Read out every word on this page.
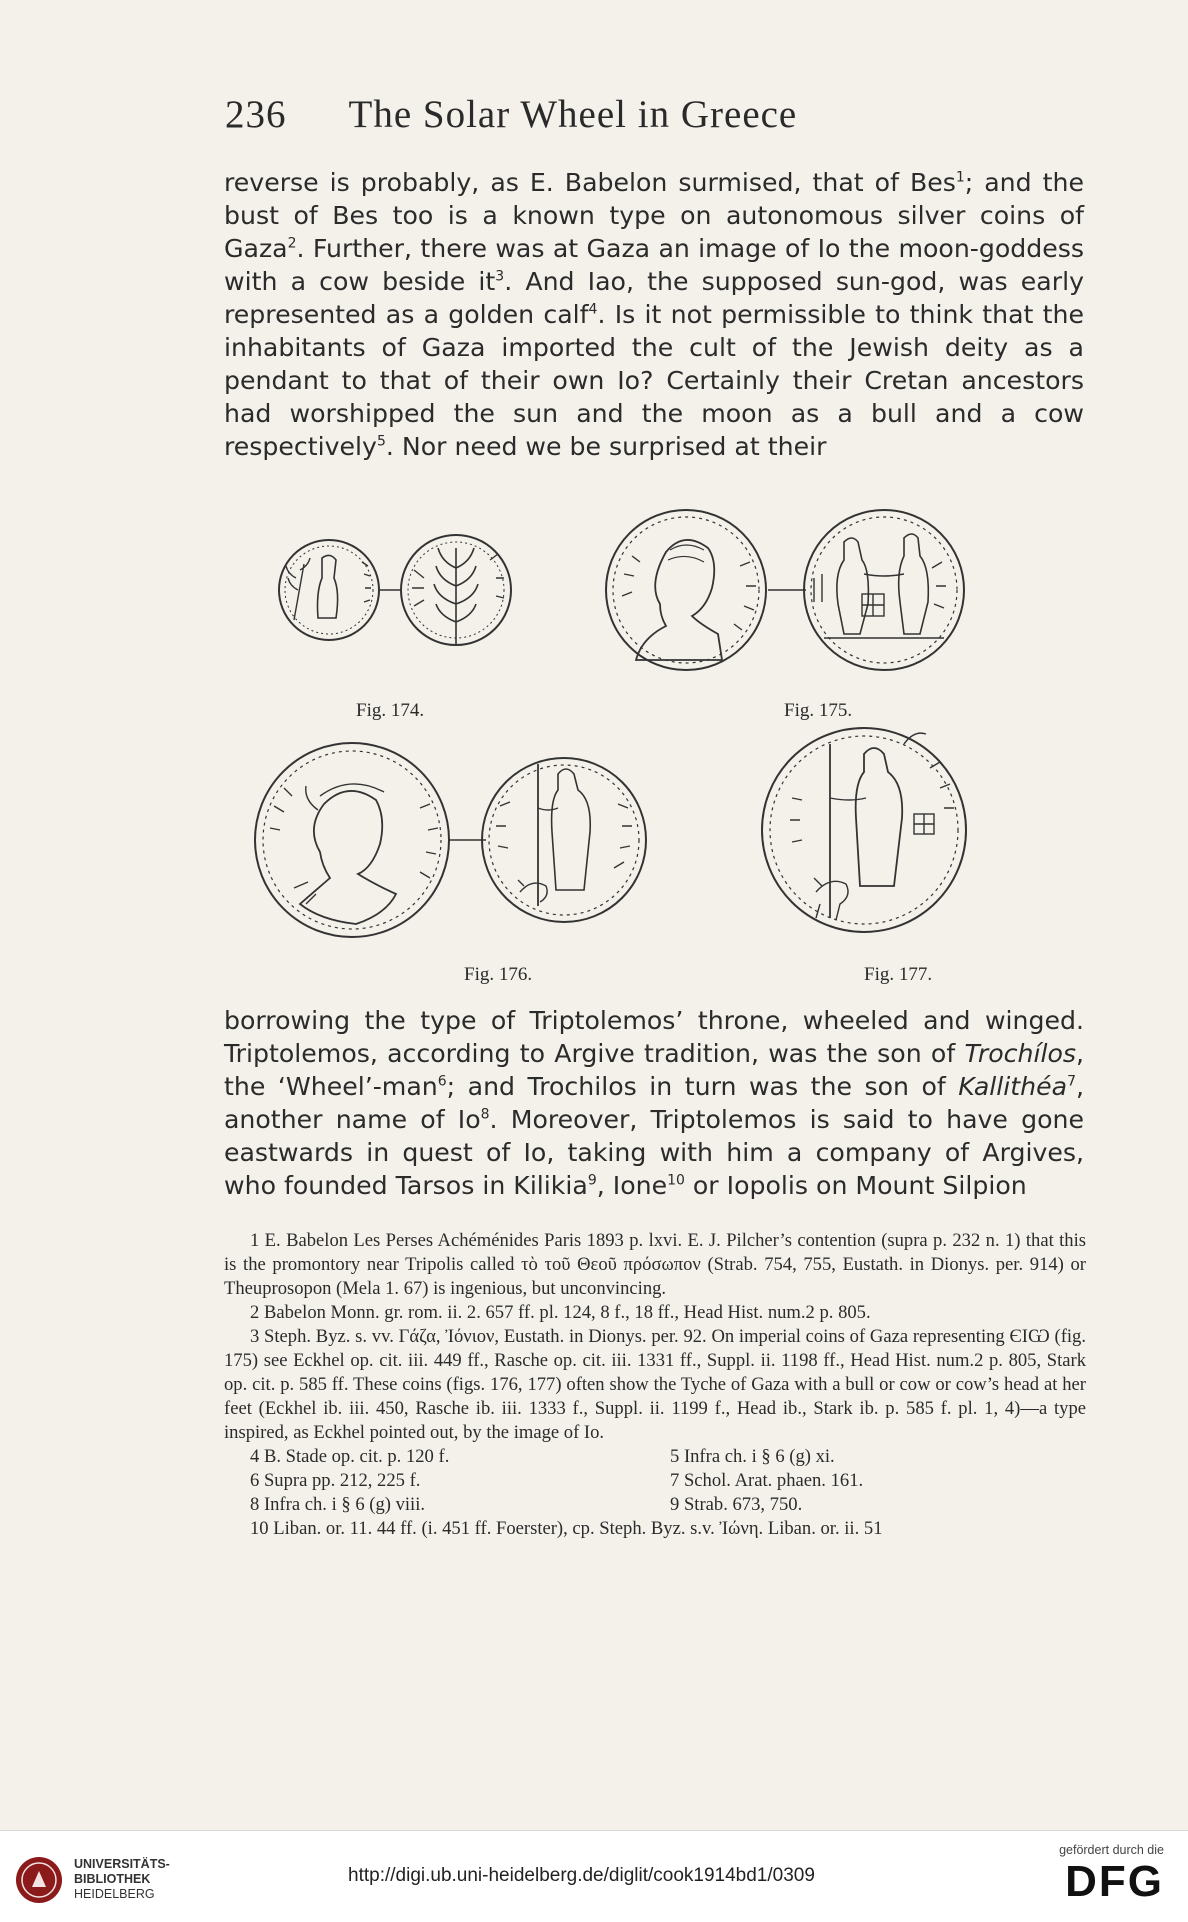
236 The Solar Wheel in Greece

reverse is probably, as E. Babelon surmised, that of Bes$^1$; and the bust of Bes too is a known type on autonomous silver coins of Gaza$^2$. Further, there was at Gaza an image of Io the moon-goddess with a cow beside $it^3$. And Iao, the supposed sun-god, was early represented as a golden calf$^4$. Is it not permissible to think that the inhabitants of Gaza imported the cult of the Jewish deity as a pendant to that of their own Io? Certainly their Cretan ancestors had worshipped the sun and the moon as a bull and a cow respectively$^5$. Nor need we be surprised at their

Fig. 174.	Fig. 175.
Fig. 176.	Fig. 177.

borrowing the type of Triptolemos’ throne, wheeled and winged. Triptolemos, according to Argive tradition, was the son of Trochílos, the ‘Wheel’-man$^6$; and Trochilos in turn was the son of Kallithéa$^7$, another name of Io$^8$. Moreover, Triptolemos is said to have gone eastwards in quest of Io, taking with him a company of Argives, who founded Tarsos in Kilikia$^9$, Ione$^{10}$ or Iopolis on Mount Silpion

1 E. Babelon Les Perses Achéménides Paris 1893 p. lxvi. E. J. Pilcher’s contention (supra p. 232 n. 1) that this is the promontory near Tripolis called τὸ τοῦ Θεοῦ πρόσωπον (Strab. 754, 755, Eustath. in Dionys. per. 914) or Theuprosopon (Mela 1. 67) is ingenious, but unconvincing.

2 Babelon Monn. gr. rom. ii. 2. 657 ff. pl. 124, 8 f., 18 ff., Head Hist. num.2 p. 805.

3 Steph. Byz. s. vv. Γάζα, Ἰόνιον, Eustath. in Dionys. per. 92. On imperial coins of Gaza representing ЄΙѠ (fig. 175) see Eckhel op. cit. iii. 449 ff., Rasche op. cit. iii. 1331 ff., Suppl. ii. 1198 ff., Head Hist. num.2 p. 805, Stark op. cit. p. 585 ff. These coins (figs. 176, 177) often show the Tyche of Gaza with a bull or cow or cow’s head at her feet (Eckhel ib. iii. 450, Rasche ib. iii. 1333 f., Suppl. ii. 1199 f., Head ib., Stark ib. p. 585 f. pl. 1, 4)—a type inspired, as Eckhel pointed out, by the image of Io.

4 B. Stade op. cit. p. 120 f.	5 Infra ch. i § 6 (g) xi.
6 Supra pp. 212, 225 f.	7 Schol. Arat. phaen. 161.
8 Infra ch. i § 6 (g) viii.	9 Strab. 673, 750.

10 Liban. or. 11. 44 ff. (i. 451 ff. Foerster), cp. Steph. Byz. s.v. Ἰώνη. Liban. or. ii. 51

UNIVERSITÄTS-
BIBLIOTHEK
HEIDELBERG
http://digi.ub.uni-heidelberg.de/diglit/cook1914bd1/0309
gefördert durch die
DFG
